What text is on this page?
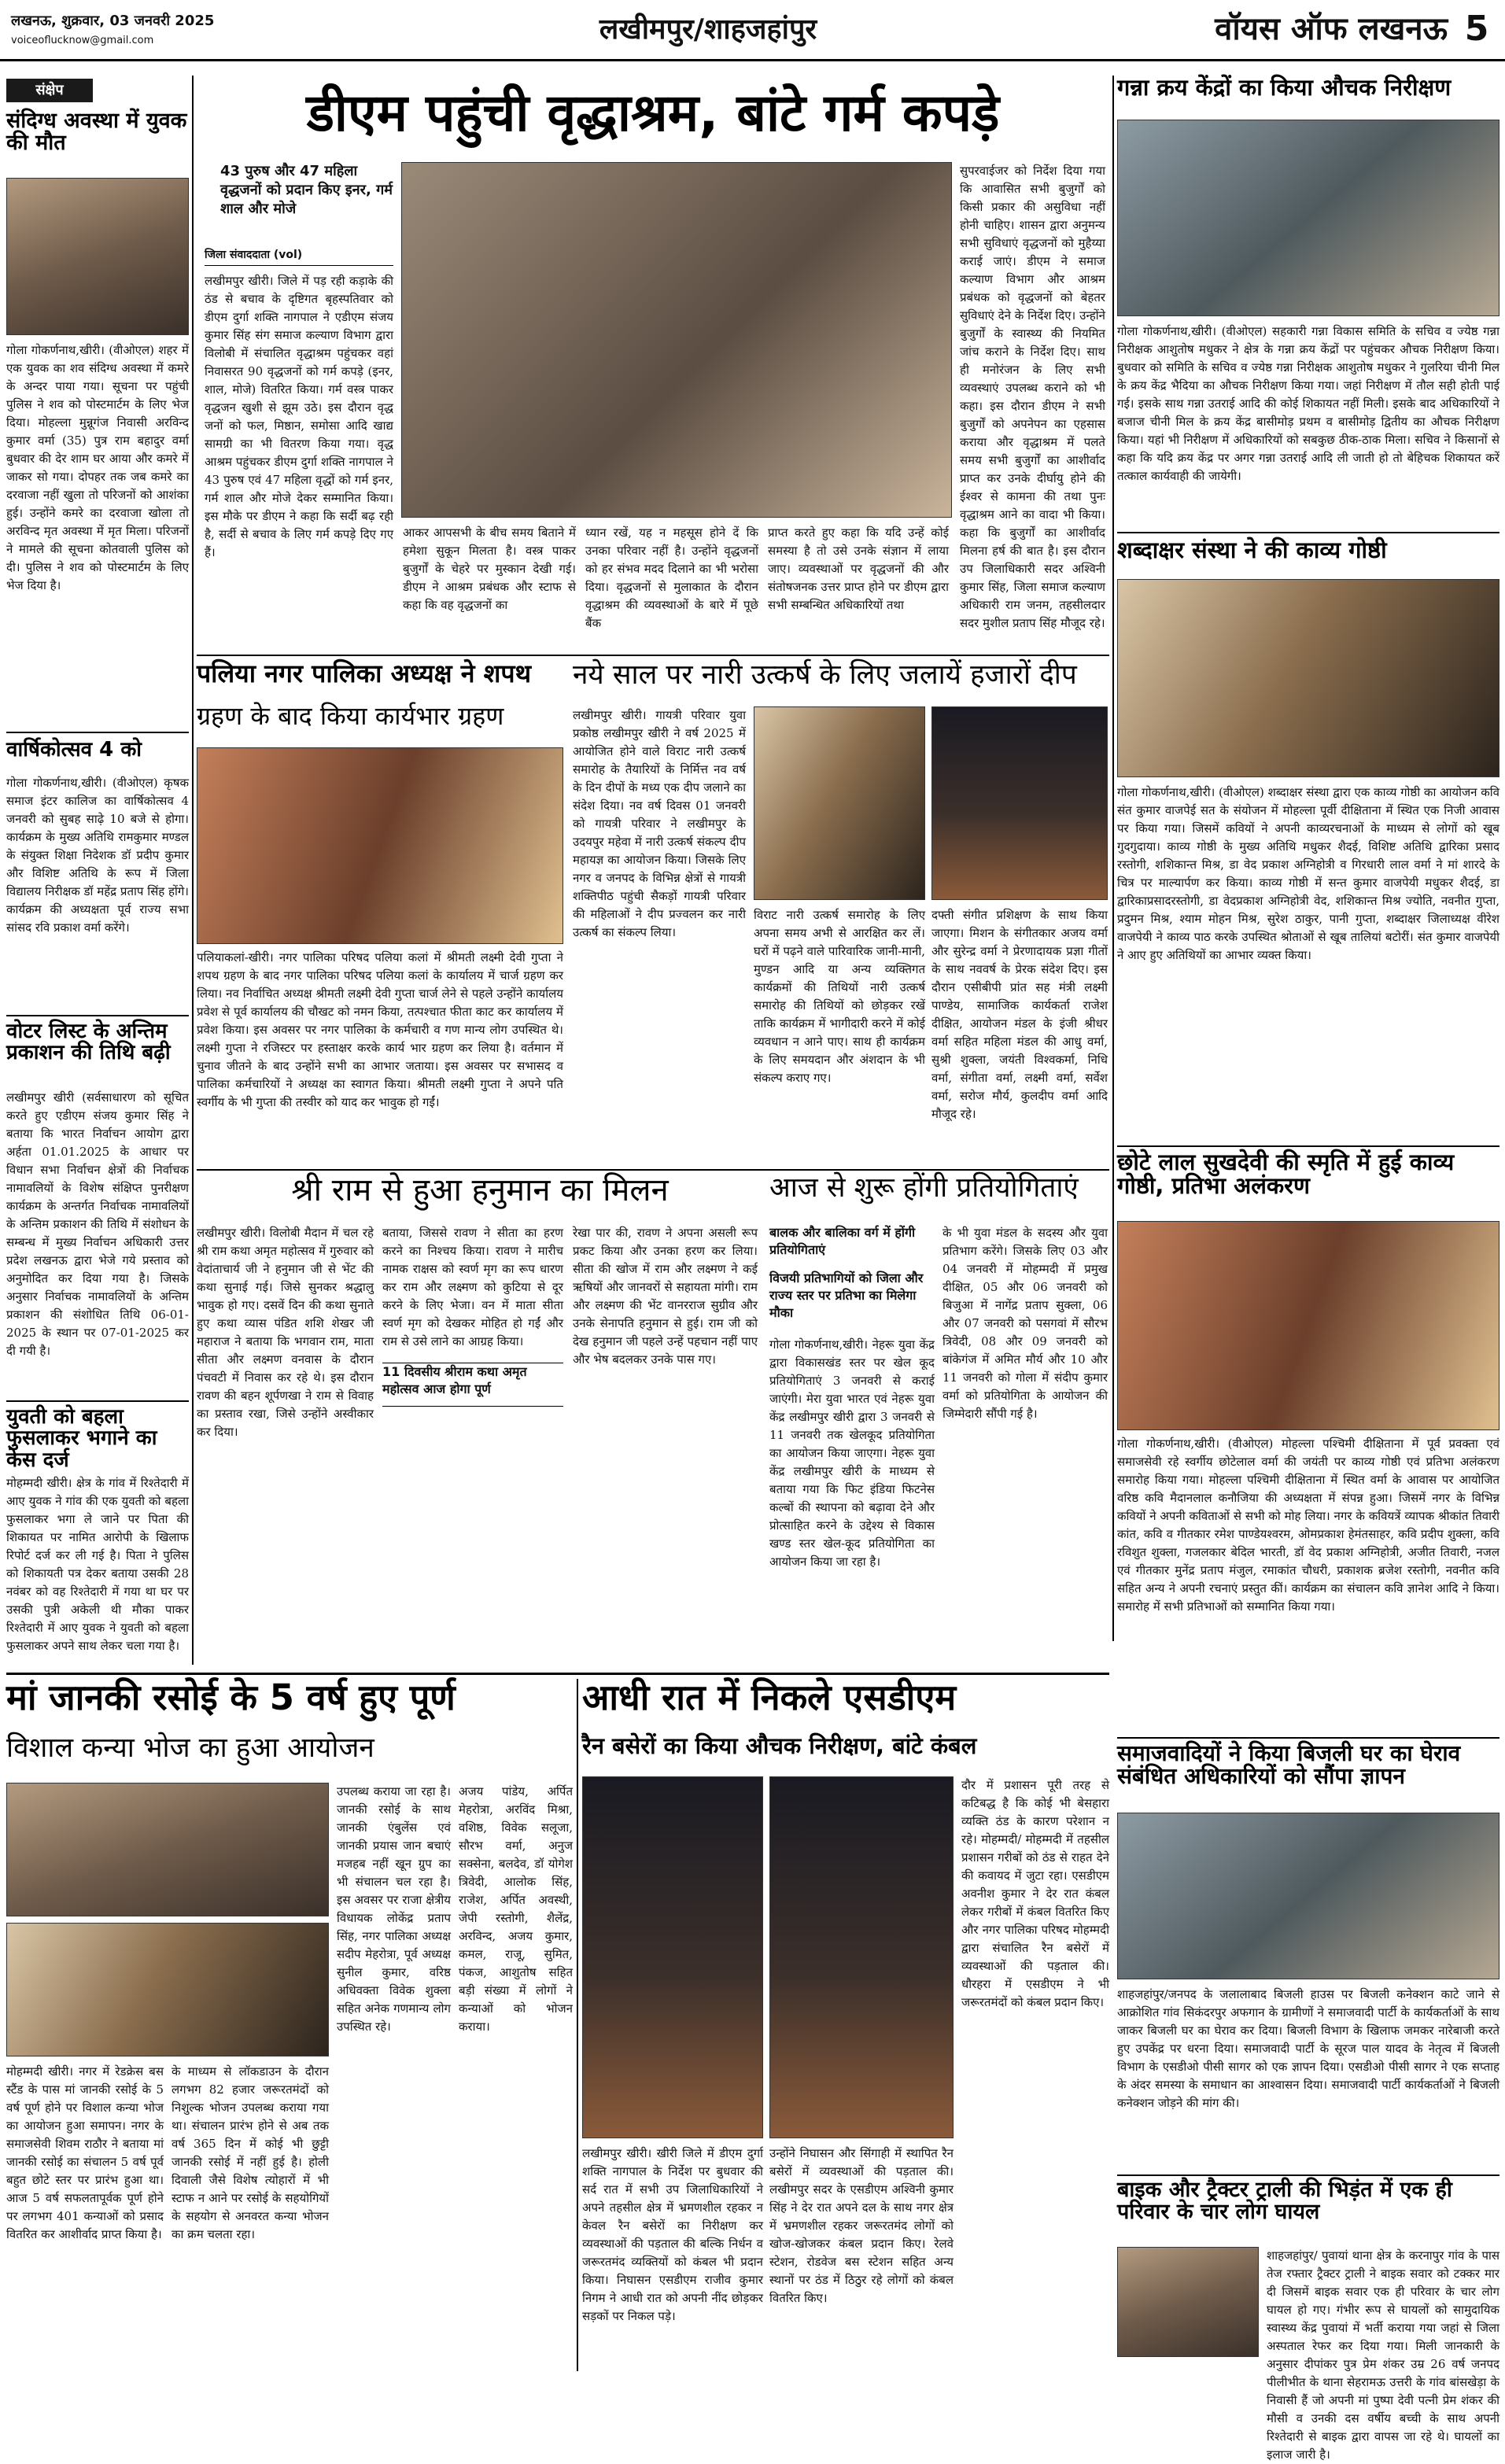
लखनऊ, शुक्रवार, 03 जनवरी 2025
voiceoflucknow@gmail.com	लखीमपुर/शाहजहांपुर	वॉयस ऑफ लखनऊ 5
संक्षेप
संदिग्ध अवस्था में युवक की मौत
गोला गोकर्णनाथ,खीरी। (वीओएल) शहर में एक युवक का शव संदिग्ध अवस्था में कमरे के अन्दर पाया गया। सूचना पर पहुंची पुलिस ने शव को पोस्टमार्टम के लिए भेज दिया। मोहल्ला मुन्नूगंज निवासी अरविन्द कुमार वर्मा (35) पुत्र राम बहादुर वर्मा बुधवार की देर शाम घर आया और कमरे में जाकर सो गया। दोपहर तक जब कमरे का दरवाजा नहीं खुला तो परिजनों को आशंका हुई। उन्होंने कमरे का दरवाजा खोला तो अरविन्द मृत अवस्था में मृत मिला। परिजनों ने मामले की सूचना कोतवाली पुलिस को दी। पुलिस ने शव को पोस्टमार्टम के लिए भेज दिया है।
वार्षिकोत्सव 4 को
गोला गोकर्णनाथ,खीरी। (वीओएल) कृषक समाज इंटर कालिज का वार्षिकोत्सव 4 जनवरी को सुबह साढ़े 10 बजे से होगा। कार्यक्रम के मुख्य अतिथि रामकुमार मण्डल के संयुक्त शिक्षा निदेशक डॉ प्रदीप कुमार और विशिष्ट अतिथि के रूप में जिला विद्यालय निरीक्षक डॉ महेंद्र प्रताप सिंह होंगे। कार्यक्रम की अध्यक्षता पूर्व राज्य सभा सांसद रवि प्रकाश वर्मा करेंगे।
वोटर लिस्ट के अन्तिम प्रकाशन की तिथि बढ़ी
लखीमपुर खीरी (सर्वसाधारण को सूचित करते हुए एडीएम संजय कुमार सिंह ने बताया कि भारत निर्वाचन आयोग द्वारा अर्हता 01.01.2025 के आधार पर विधान सभा निर्वाचन क्षेत्रों की निर्वाचक नामावलियों के विशेष संक्षिप्त पुनरीक्षण कार्यक्रम के अन्तर्गत निर्वाचक नामावलियों के अन्तिम प्रकाशन की तिथि में संशोधन के सम्बन्ध में मुख्य निर्वाचन अधिकारी उत्तर प्रदेश लखनऊ द्वारा भेजे गये प्रस्ताव को अनुमोदित कर दिया गया है। जिसके अनुसार निर्वाचक नामावलियों के अन्तिम प्रकाशन की संशोधित तिथि 06-01-2025 के स्थान पर 07-01-2025 कर दी गयी है।
युवती को बहला फुसलाकर भगाने का केस दर्ज
मोहम्मदी खीरी। क्षेत्र के गांव में रिश्तेदारी में आए युवक ने गांव की एक युवती को बहला फुसलाकर भगा ले जाने पर पिता की शिकायत पर नामित आरोपी के खिलाफ रिपोर्ट दर्ज कर ली गई है। पिता ने पुलिस को शिकायती पत्र देकर बताया उसकी 28 नवंबर को वह रिश्तेदारी में गया था घर पर उसकी पुत्री अकेली थी मौका पाकर रिश्तेदारी में आए युवक ने युवती को बहला फुसलाकर अपने साथ लेकर चला गया है।
डीएम पहुंची वृद्धाश्रम, बांटे गर्म कपड़े
43 पुरुष और 47 महिला वृद्धजनों को प्रदान किए इनर, गर्म शाल और मोजे
जिला संवाददाता (vol)
लखीमपुर खीरी। जिले में पड़ रही कड़ाके की ठंड से बचाव के दृष्टिगत बृहस्पतिवार को डीएम दुर्गा शक्ति नागपाल ने एडीएम संजय कुमार सिंह संग समाज कल्याण विभाग द्वारा विलोबी में संचालित वृद्धाश्रम पहुंचकर वहां निवासरत 90 वृद्धजनों को गर्म कपड़े (इनर, शाल, मोजे) वितरित किया। गर्म वस्त्र पाकर वृद्धजन खुशी से झूम उठे। इस दौरान वृद्ध जनों को फल, मिष्ठान, समोसा आदि खाद्य सामग्री का भी वितरण किया गया। वृद्ध आश्रम पहुंचकर डीएम दुर्गा शक्ति नागपाल ने 43 पुरुष एवं 47 महिला वृद्धों को गर्म इनर, गर्म शाल और मोजे देकर सम्मानित किया। इस मौके पर डीएम ने कहा कि सर्दी बढ़ रही है, सर्दी से बचाव के लिए गर्म कपड़े दिए गए हैं।
आकर आपसभी के बीच समय बिताने में हमेशा सुकून मिलता है। वस्त्र पाकर बुजुर्गों के चेहरे पर मुस्कान देखी गई। डीएम ने आश्रम प्रबंधक और स्टाफ से कहा कि वह वृद्धजनों का
ध्यान रखें, यह न महसूस होने दें कि उनका परिवार नहीं है। उन्होंने वृद्धजनों को हर संभव मदद दिलाने का भी भरोसा दिया। वृद्धजनों से मुलाकात के दौरान वृद्धाश्रम की व्यवस्थाओं के बारे में पूछे बैंक
प्राप्त करते हुए कहा कि यदि उन्हें कोई समस्या है तो उसे उनके संज्ञान में लाया जाए। व्यवस्थाओं पर वृद्धजनों की और संतोषजनक उत्तर प्राप्त होने पर डीएम द्वारा सभी सम्बन्धित अधिकारियों तथा
सुपरवाईजर को निर्देश दिया गया कि आवासित सभी बुजुर्गों को किसी प्रकार की असुविधा नहीं होनी चाहिए। शासन द्वारा अनुमन्य सभी सुविधाएं वृद्धजनों को मुहैय्या कराई जाएं। डीएम ने समाज कल्याण विभाग और आश्रम प्रबंधक को वृद्धजनों को बेहतर सुविधाएं देने के निर्देश दिए। उन्होंने बुजुर्गों के स्वास्थ्य की नियमित जांच कराने के निर्देश दिए। साथ ही मनोरंजन के लिए सभी व्यवस्थाएं उपलब्ध कराने को भी कहा। इस दौरान डीएम ने सभी बुजुर्गों को अपनेपन का एहसास कराया और वृद्धाश्रम में पलते समय सभी बुजुर्गों का आशीर्वाद प्राप्त कर उनके दीर्घायु होने की ईश्वर से कामना की तथा पुनः वृद्धाश्रम आने का वादा भी किया। कहा कि बुजुर्गों का आशीर्वाद मिलना हर्ष की बात है। इस दौरान उप जिलाधिकारी सदर अश्विनी कुमार सिंह, जिला समाज कल्याण अधिकारी राम जनम, तहसीलदार सदर मुशील प्रताप सिंह मौजूद रहे।
गन्ना क्रय केंद्रों का किया औचक निरीक्षण
गोला गोकर्णनाथ,खीरी। (वीओएल) सहकारी गन्ना विकास समिति के सचिव व ज्येष्ठ गन्ना निरीक्षक आशुतोष मधुकर ने क्षेत्र के गन्ना क्रय केंद्रों पर पहुंचकर औचक निरीक्षण किया। बुधवार को समिति के सचिव व ज्येष्ठ गन्ना निरीक्षक आशुतोष मधुकर ने गुलरिया चीनी मिल के क्रय केंद्र भैदिया का औचक निरीक्षण किया गया। जहां निरीक्षण में तौल सही होती पाई गई। इसके साथ गन्ना उतराई आदि की कोई शिकायत नहीं मिली। इसके बाद अधिकारियों ने बजाज चीनी मिल के क्रय केंद्र बासीमोड़ प्रथम व बासीमोड़ द्वितीय का औचक निरीक्षण किया। यहां भी निरीक्षण में अधिकारियों को सबकुछ ठीक-ठाक मिला। सचिव ने किसानों से कहा कि यदि क्रय केंद्र पर अगर गन्ना उतराई आदि ली जाती हो तो बेहिचक शिकायत करें तत्काल कार्यवाही की जायेगी।
शब्दाक्षर संस्था ने की काव्य गोष्ठी
गोला गोकर्णनाथ,खीरी। (वीओएल) शब्दाक्षर संस्था द्वारा एक काव्य गोष्ठी का आयोजन कवि संत कुमार वाजपेई सत के संयोजन में मोहल्ला पूर्वी दीक्षिताना में स्थित एक निजी आवास पर किया गया। जिसमें कवियों ने अपनी काव्यरचनाओं के माध्यम से लोगों को खूब गुदगुदाया। काव्य गोष्ठी के मुख्य अतिथि मधुकर शैदई, विशिष्ट अतिथि द्वारिका प्रसाद रस्तोगी, शशिकान्त मिश्र, डा वेद प्रकाश अग्निहोत्री व गिरधारी लाल वर्मा ने मां शारदे के चित्र पर माल्यार्पण कर किया। काव्य गोष्ठी में सन्त कुमार वाजपेयी मधुकर शैदई, डा द्वारिकाप्रसादरस्तोगी, डा वेदप्रकाश अग्निहोत्री वेद, शशिकान्त मिश्र ज्योति, नवनीत गुप्ता, प्रदुमन मिश्र, श्याम मोहन मिश्र, सुरेश ठाकुर, पानी गुप्ता, शब्दाक्षर जिलाध्यक्ष वीरेश वाजपेयी ने काव्य पाठ करके उपस्थित श्रोताओं से खूब तालियां बटोरीं। संत कुमार वाजपेयी ने आए हुए अतिथियों का आभार व्यक्त किया।
छोटे लाल सुखदेवी की स्मृति में हुई काव्य गोष्ठी, प्रतिभा अलंकरण
गोला गोकर्णनाथ,खीरी। (वीओएल) मोहल्ला पश्चिमी दीक्षिताना में पूर्व प्रवक्ता एवं समाजसेवी रहे स्वर्गीय छोटेलाल वर्मा की जयंती पर काव्य गोष्ठी एवं प्रतिभा अलंकरण समारोह किया गया। मोहल्ला पश्चिमी दीक्षिताना में स्थित वर्मा के आवास पर आयोजित वरिष्ठ कवि मैदानलाल कनौजिया की अध्यक्षता में संपन्न हुआ। जिसमें नगर के विभिन्न कवियों ने अपनी कविताओं से सभी को मोह लिया। नगर के कवियत्रें व्यापक श्रीकांत तिवारी कांत, कवि व गीतकार रमेश पाण्डेयश्वरम, ओमप्रकाश हेमंतसाहर, कवि प्रदीप शुक्ला, कवि रविशुत शुक्ला, गजलकार बेदिल भारती, डॉ वेद प्रकाश अग्निहोत्री, अजीत तिवारी, नजल एवं गीतकार मुनेंद्र प्रताप मंजुल, रमाकांत चौधरी, प्रकाशक ब्रजेश रस्तोगी, नवनीत कवि सहित अन्य ने अपनी रचनाएं प्रस्तुत कीं। कार्यक्रम का संचालन कवि ज्ञानेश आदि ने किया। समारोह में सभी प्रतिभाओं को सम्मानित किया गया।
समाजवादियों ने किया बिजली घर का घेराव संबंधित अधिकारियों को सौंपा ज्ञापन
शाहजहांपुर/जनपद के जलालाबाद बिजली हाउस पर बिजली कनेक्शन काटे जाने से आक्रोशित गांव सिकंदरपुर अफगान के ग्रामीणों ने समाजवादी पार्टी के कार्यकर्ताओं के साथ जाकर बिजली घर का घेराव कर दिया। बिजली विभाग के खिलाफ जमकर नारेबाजी करते हुए उपकेंद्र पर धरना दिया। समाजवादी पार्टी के सूरज पाल यादव के नेतृत्व में बिजली विभाग के एसडीओ पीसी सागर को एक ज्ञापन दिया। एसडीओ पीसी सागर ने एक सप्ताह के अंदर समस्या के समाधान का आश्वासन दिया। समाजवादी पार्टी कार्यकर्ताओं ने बिजली कनेक्शन जोड़ने की मांग की।
बाइक और ट्रैक्टर ट्राली की भिड़ंत में एक ही परिवार के चार लोग घायल
शाहजहांपुर/ पुवायां थाना क्षेत्र के करनापुर गांव के पास तेज रफ्तार ट्रैक्टर ट्राली ने बाइक सवार को टक्कर मार दी जिसमें बाइक सवार एक ही परिवार के चार लोग घायल हो गए। गंभीर रूप से घायलों को सामुदायिक स्वास्थ्य केंद्र पुवायां में भर्ती कराया गया जहां से जिला अस्पताल रेफर कर दिया गया। मिली जानकारी के अनुसार दीपांकर पुत्र प्रेम शंकर उम्र 26 वर्ष जनपद पीलीभीत के थाना सेहरामऊ उत्तरी के गांव बांसखेड़ा के निवासी हैं जो अपनी मां पुष्पा देवी पत्नी प्रेम शंकर की मौसी व उनकी दस वर्षीय बच्ची के साथ अपनी रिश्तेदारी से बाइक द्वारा वापस जा रहे थे। घायलों का इलाज जारी है।
पलिया नगर पालिका अध्यक्ष ने शपथ
ग्रहण के बाद किया कार्यभार ग्रहण
पलियाकलां-खीरी। नगर पालिका परिषद पलिया कलां में श्रीमती लक्ष्मी देवी गुप्ता ने शपथ ग्रहण के बाद नगर पालिका परिषद पलिया कलां के कार्यालय में चार्ज ग्रहण कर लिया। नव निर्वाचित अध्यक्ष श्रीमती लक्ष्मी देवी गुप्ता चार्ज लेने से पहले उन्होंने कार्यालय प्रवेश से पूर्व कार्यालय की चौखट को नमन किया, तत्पश्चात फीता काट कर कार्यालय में प्रवेश किया। इस अवसर पर नगर पालिका के कर्मचारी व गण मान्य लोग उपस्थित थे। लक्ष्मी गुप्ता ने रजिस्टर पर हस्ताक्षर करके कार्य भार ग्रहण कर लिया है। वर्तमान में चुनाव जीतने के बाद उन्होंने सभी का आभार जताया। इस अवसर पर सभासद व पालिका कर्मचारियों ने अध्यक्ष का स्वागत किया। श्रीमती लक्ष्मी गुप्ता ने अपने पति स्वर्गीय के भी गुप्ता की तस्वीर को याद कर भावुक हो गईं।
नये साल पर नारी उत्कर्ष के लिए जलायें हजारों दीप
लखीमपुर खीरी। गायत्री परिवार युवा प्रकोष्ठ लखीमपुर खीरी ने वर्ष 2025 में आयोजित होने वाले विराट नारी उत्कर्ष समारोह के तैयारियों के निर्मित्त नव वर्ष के दिन दीपों के मध्य एक दीप जलाने का संदेश दिया। नव वर्ष दिवस 01 जनवरी को गायत्री परिवार ने लखीमपुर के उदयपुर महेवा में नारी उत्कर्ष संकल्प दीप महायज्ञ का आयोजन किया। जिसके लिए नगर व जनपद के विभिन्न क्षेत्रों से गायत्री शक्तिपीठ पहुंची सैकड़ों गायत्री परिवार की महिलाओं ने दीप प्रज्वलन कर नारी उत्कर्ष का संकल्प लिया।
विराट नारी उत्कर्ष समारोह के लिए अपना समय अभी से आरक्षित कर लें। घरों में पढ़ने वाले पारिवारिक जानी-मानी, मुण्डन आदि या अन्य व्यक्तिगत कार्यक्रमों की तिथियों नारी उत्कर्ष समारोह की तिथियों को छोड़कर रखें ताकि कार्यक्रम में भागीदारी करने में कोई व्यवधान न आने पाए। साथ ही कार्यक्रम के लिए समयदान और अंशदान के भी संकल्प कराए गए।
दफ्ती संगीत प्रशिक्षण के साथ किया जाएगा। मिशन के संगीतकार अजय वर्मा और सुरेन्द्र वर्मा ने प्रेरणादायक प्रज्ञा गीतों के साथ नववर्ष के प्रेरक संदेश दिए। इस दौरान एसीबीपी प्रांत सह मंत्री लक्ष्मी पाण्डेय, सामाजिक कार्यकर्ता राजेश दीक्षित, आयोजन मंडल के इंजी श्रीधर वर्मा सहित महिला मंडल की आधु वर्मा, सुश्री शुक्ला, जयंती विश्वकर्मा, निधि वर्मा, संगीता वर्मा, लक्ष्मी वर्मा, सर्वेश वर्मा, सरोज मौर्य, कुलदीप वर्मा आदि मौजूद रहे।
श्री राम से हुआ हनुमान का मिलन
लखीमपुर खीरी। विलोबी मैदान में चल रहे श्री राम कथा अमृत महोत्सव में गुरुवार को वेदांताचार्य जी ने हनुमान जी से भेंट की कथा सुनाई गई। जिसे सुनकर श्रद्धालु भावुक हो गए। दसवें दिन की कथा सुनाते हुए कथा व्यास पंडित शशि शेखर जी महाराज ने बताया कि भगवान राम, माता सीता और लक्ष्मण वनवास के दौरान पंचवटी में निवास कर रहे थे। इस दौरान रावण की बहन शूर्पणखा ने राम से विवाह का प्रस्ताव रखा, जिसे उन्होंने अस्वीकार कर दिया।
11 दिवसीय श्रीराम कथा अमृत महोत्सव आज होगा पूर्ण
बताया, जिससे रावण ने सीता का हरण करने का निश्चय किया। रावण ने मारीच नामक राक्षस को स्वर्ण मृग का रूप धारण कर राम और लक्ष्मण को कुटिया से दूर करने के लिए भेजा। वन में माता सीता स्वर्ण मृग को देखकर मोहित हो गईं और राम से उसे लाने का आग्रह किया।
रेखा पार की, रावण ने अपना असली रूप प्रकट किया और उनका हरण कर लिया। सीता की खोज में राम और लक्ष्मण ने कई ऋषियों और जानवरों से सहायता मांगी। राम और लक्ष्मण की भेंट वानरराज सुग्रीव और उनके सेनापति हनुमान से हुई। राम जी को देख हनुमान जी पहले उन्हें पहचान नहीं पाए और भेष बदलकर उनके पास गए।
आज से शुरू होंगी प्रतियोगिताएं
बालक और बालिका वर्ग में होंगी प्रतियोगिताएं
विजयी प्रतिभागियों को जिला और राज्य स्तर पर प्रतिभा का मिलेगा मौका
गोला गोकर्णनाथ,खीरी। नेहरू युवा केंद्र द्वारा विकासखंड स्तर पर खेल कूद प्रतियोगिताएं 3 जनवरी से कराई जाएंगी। मेरा युवा भारत एवं नेहरू युवा केंद्र लखीमपुर खीरी द्वारा 3 जनवरी से 11 जनवरी तक खेलकूद प्रतियोगिता का आयोजन किया जाएगा। नेहरू युवा केंद्र लखीमपुर खीरी के माध्यम से बताया गया कि फिट इंडिया फिटनेस कल्बों की स्थापना को बढ़ावा देने और प्रोत्साहित करने के उद्देश्य से विकास खण्ड स्तर खेल-कूद प्रतियोगिता का आयोजन किया जा रहा है।
के भी युवा मंडल के सदस्य और युवा प्रतिभाग करेंगे। जिसके लिए 03 और 04 जनवरी में मोहम्मदी में प्रमुख दीक्षित, 05 और 06 जनवरी को बिजुआ में नागेंद्र प्रताप सुक्ला, 06 और 07 जनवरी को पसगवां में सौरभ त्रिवेदी, 08 और 09 जनवरी को बांकेगंज में अमित मौर्य और 10 और 11 जनवरी को गोला में संदीप कुमार वर्मा को प्रतियोगिता के आयोजन की जिम्मेदारी सौंपी गई है।
मां जानकी रसोई के 5 वर्ष हुए पूर्ण
विशाल कन्या भोज का हुआ आयोजन
मोहम्मदी खीरी। नगर में रेडक्रेस बस स्टैंड के पास मां जानकी रसोई के 5 वर्ष पूर्ण होने पर विशाल कन्या भोज का आयोजन हुआ समापन। नगर के समाजसेवी शिवम राठौर ने बताया मां जानकी रसोई का संचालन 5 वर्ष पूर्व बहुत छोटे स्तर पर प्रारंभ हुआ था। आज 5 वर्ष सफलतापूर्वक पूर्ण होने पर लगभग 401 कन्याओं को प्रसाद वितरित कर आशीर्वाद प्राप्त किया है।
के माध्यम से लॉकडाउन के दौरान लगभग 82 हजार जरूरतमंदों को निशुल्क भोजन उपलब्ध कराया गया था। संचालन प्रारंभ होने से अब तक वर्ष 365 दिन में कोई भी छुट्टी जानकी रसोई में नहीं हुई है। होली दिवाली जैसे विशेष त्योहारों में भी स्टाफ न आने पर रसोई के सहयोगियों के सहयोग से अनवरत कन्या भोजन का क्रम चलता रहा।
उपलब्ध कराया जा रहा है। जानकी रसोई के साथ जानकी एंबुलेंस एवं जानकी प्रयास जान बचाएं मजहब नहीं खून ग्रुप का भी संचालन चल रहा है। इस अवसर पर राजा क्षेत्रीय विधायक लोकेंद्र प्रताप सिंह, नगर पालिका अध्यक्ष सदीप मेहरोत्रा, पूर्व अध्यक्ष सुनील कुमार, वरिष्ठ अधिवक्ता विवेक शुक्ला सहित अनेक गणमान्य लोग उपस्थित रहे।
अजय पांडेय, अर्पित मेहरोत्रा, अरविंद मिश्रा, वशिष्ठ, विवेक सलूजा, सौरभ वर्मा, अनुज सक्सेना, बलदेव, डॉ योगेश त्रिवेदी, आलोक सिंह, राजेश, अर्पित अवस्थी, जेपी रस्तोगी, शैलेंद्र, अरविन्द, अजय कुमार, कमल, राजू, सुमित, पंकज, आशुतोष सहित बड़ी संख्या में लोगों ने कन्याओं को भोजन कराया।
आधी रात में निकले एसडीएम
रैन बसेरों का किया औचक निरीक्षण, बांटे कंबल
लखीमपुर खीरी। खीरी जिले में डीएम दुर्गा शक्ति नागपाल के निर्देश पर बुधवार की सर्द रात में सभी उप जिलाधिकारियों ने अपने तहसील क्षेत्र में भ्रमणशील रहकर न केवल रैन बसेरों का निरीक्षण कर व्यवस्थाओं की पड़ताल की बल्कि निर्धन व जरूरतमंद व्यक्तियों को कंबल भी प्रदान किया। निघासन एसडीएम राजीव कुमार निगम ने आधी रात को अपनी नींद छोड़कर सड़कों पर निकल पड़े।
उन्होंने निघासन और सिंगाही में स्थापित रैन बसेरों में व्यवस्थाओं की पड़ताल की। लखीमपुर सदर के एसडीएम अश्विनी कुमार सिंह ने देर रात अपने दल के साथ नगर क्षेत्र में भ्रमणशील रहकर जरूरतमंद लोगों को खोज-खोजकर कंबल प्रदान किए। रेलवे स्टेशन, रोडवेज बस स्टेशन सहित अन्य स्थानों पर ठंड में ठिठुर रहे लोगों को कंबल वितरित किए।
दौर में प्रशासन पूरी तरह से कटिबद्ध है कि कोई भी बेसहारा व्यक्ति ठंड के कारण परेशान न रहे। मोहम्मदी/ मोहम्मदी में तहसील प्रशासन गरीबों को ठंड से राहत देने की कवायद में जुटा रहा। एसडीएम अवनीश कुमार ने देर रात कंबल लेकर गरीबों में कंबल वितरित किए और नगर पालिका परिषद मोहम्मदी द्वारा संचालित रैन बसेरों में व्यवस्थाओं की पड़ताल की। धौरहरा में एसडीएम ने भी जरूरतमंदों को कंबल प्रदान किए।
